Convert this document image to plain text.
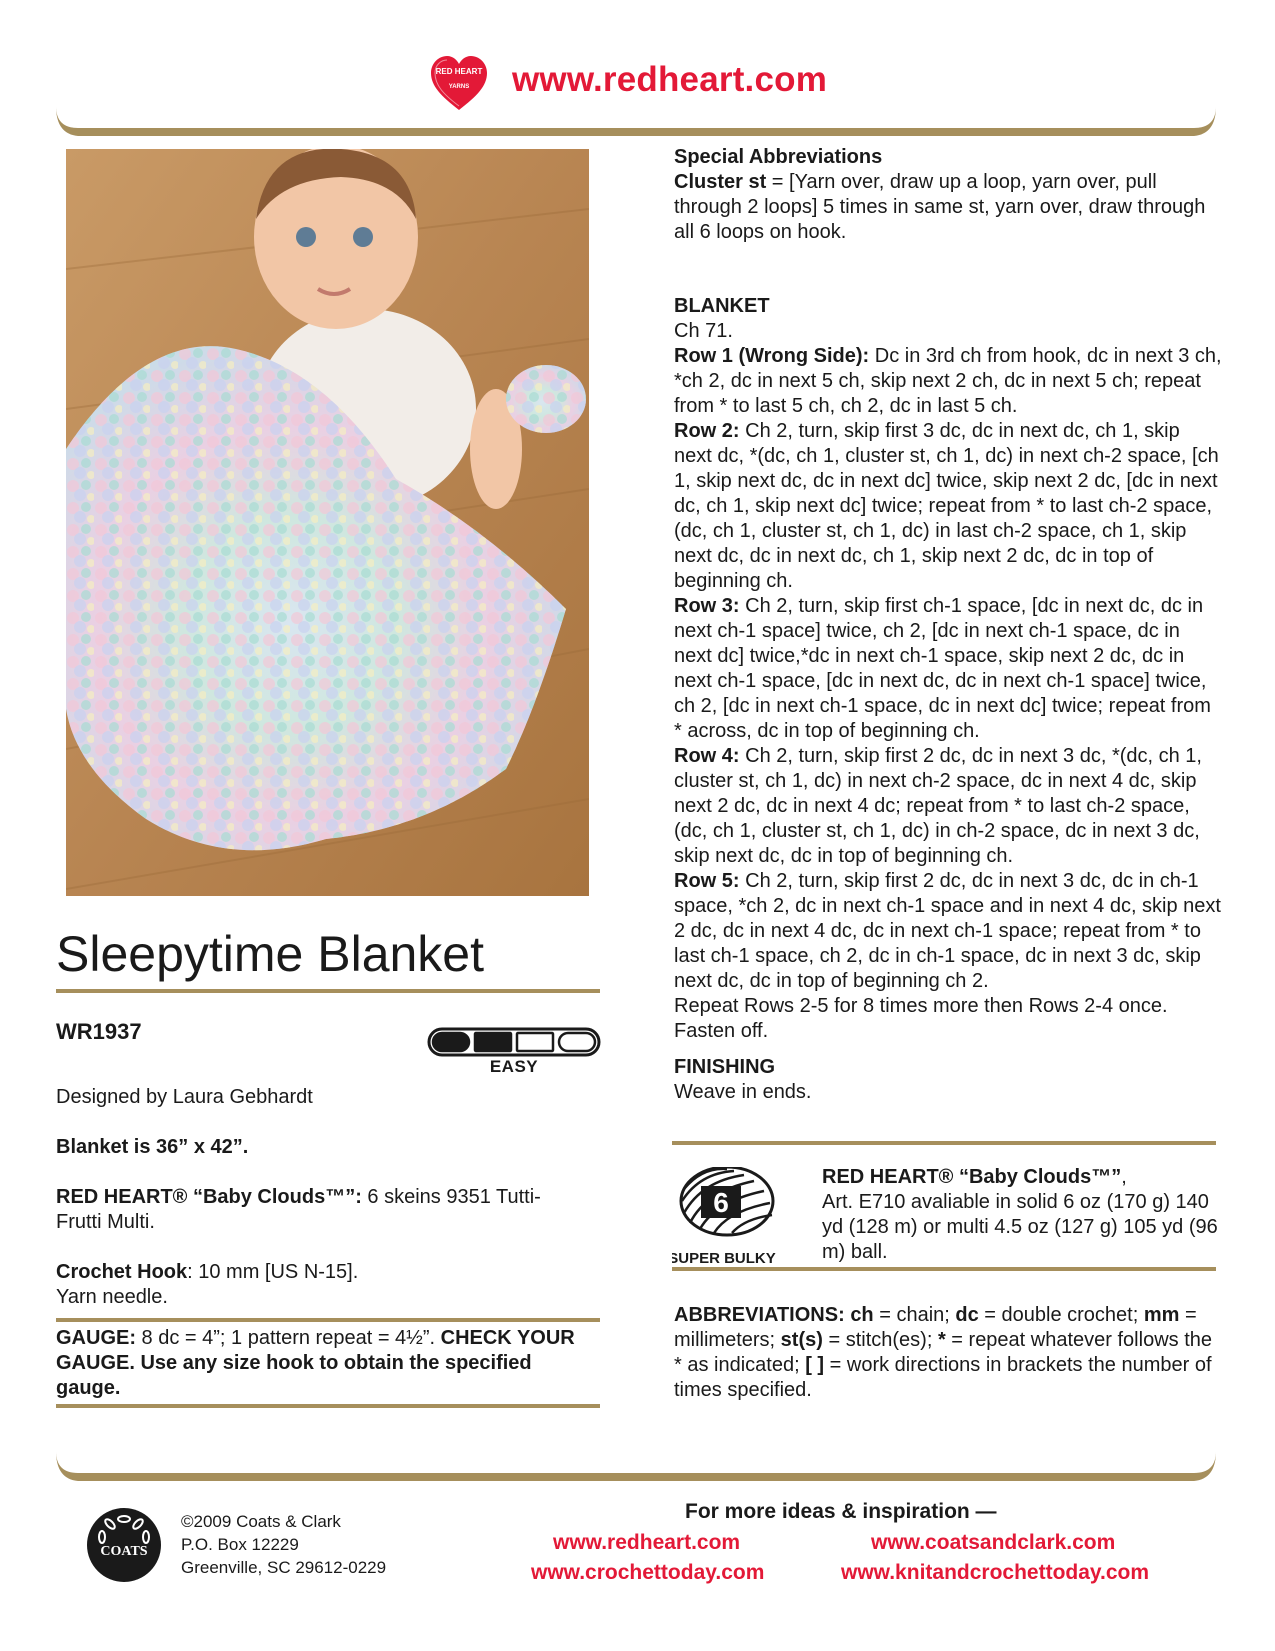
RED HEART
YARNS www.redheart.com
Sleepytime Blanket
WR1937
EASY
Designed by Laura Gebhardt
Blanket is 36” x 42”.
RED HEART® “Baby Clouds™”: 6 skeins 9351 Tutti-Frutti Multi.
Crochet Hook: 10 mm [US N-15].
Yarn needle.
GAUGE: 8 dc = 4”; 1 pattern repeat = 4½”. CHECK YOUR GAUGE. Use any size hook to obtain the specified gauge.

Special Abbreviations

Cluster st = [Yarn over, draw up a loop, yarn over, pull through 2 loops] 5 times in same st, yarn over, draw through all 6 loops on hook.

BLANKET

Ch 71.

Row 1 (Wrong Side): Dc in 3rd ch from hook, dc in next 3 ch, *ch 2, dc in next 5 ch, skip next 2 ch, dc in next 5 ch; repeat from * to last 5 ch, ch 2, dc in last 5 ch.

Row 2: Ch 2, turn, skip first 3 dc, dc in next dc, ch 1, skip next dc, *(dc, ch 1, cluster st, ch 1, dc) in next ch-2 space, [ch 1, skip next dc, dc in next dc] twice, skip next 2 dc, [dc in next dc, ch 1, skip next dc] twice; repeat from * to last ch-2 space, (dc, ch 1, cluster st, ch 1, dc) in last ch-2 space, ch 1, skip next dc, dc in next dc, ch 1, skip next 2 dc, dc in top of beginning ch.

Row 3: Ch 2, turn, skip first ch-1 space, [dc in next dc, dc in next ch-1 space] twice, ch 2, [dc in next ch-1 space, dc in next dc] twice,*dc in next ch-1 space, skip next 2 dc, dc in next ch-1 space, [dc in next dc, dc in next ch-1 space] twice, ch 2, [dc in next ch-1 space, dc in next dc] twice; repeat from * across, dc in top of beginning ch.

Row 4: Ch 2, turn, skip first 2 dc, dc in next 3 dc, *(dc, ch 1, cluster st, ch 1, dc) in next ch-2 space, dc in next 4 dc, skip next 2 dc, dc in next 4 dc; repeat from * to last ch-2 space, (dc, ch 1, cluster st, ch 1, dc) in ch-2 space, dc in next 3 dc, skip next dc, dc in top of beginning ch.

Row 5: Ch 2, turn, skip first 2 dc, dc in next 3 dc, dc in ch-1 space, *ch 2, dc in next ch-1 space and in next 4 dc, skip next 2 dc, dc in next 4 dc, dc in next ch-1 space; repeat from * to last ch-1 space, ch 2, dc in ch-1 space, dc in next 3 dc, skip next dc, dc in top of beginning ch 2.

Repeat Rows 2-5 for 8 times more then Rows 2-4 once.

Fasten off.

FINISHING

Weave in ends.

6
SUPER BULKY
RED HEART® “Baby Clouds™”,
Art. E710 avaliable in solid 6 oz (170 g) 140 yd (128 m) or multi 4.5 oz (127 g) 105 yd (96 m) ball.
ABBREVIATIONS: ch = chain; dc = double crochet; mm = millimeters; st(s) = stitch(es); * = repeat whatever follows the * as indicated; [ ] = work directions in brackets the number of times specified.
COATS
©2009 Coats & Clark
P.O. Box 12229
Greenville, SC 29612-0229
For more ideas & inspiration —
www.redheart.com	www.coatsandclark.com
www.crochettoday.com	www.knitandcrochettoday.com
